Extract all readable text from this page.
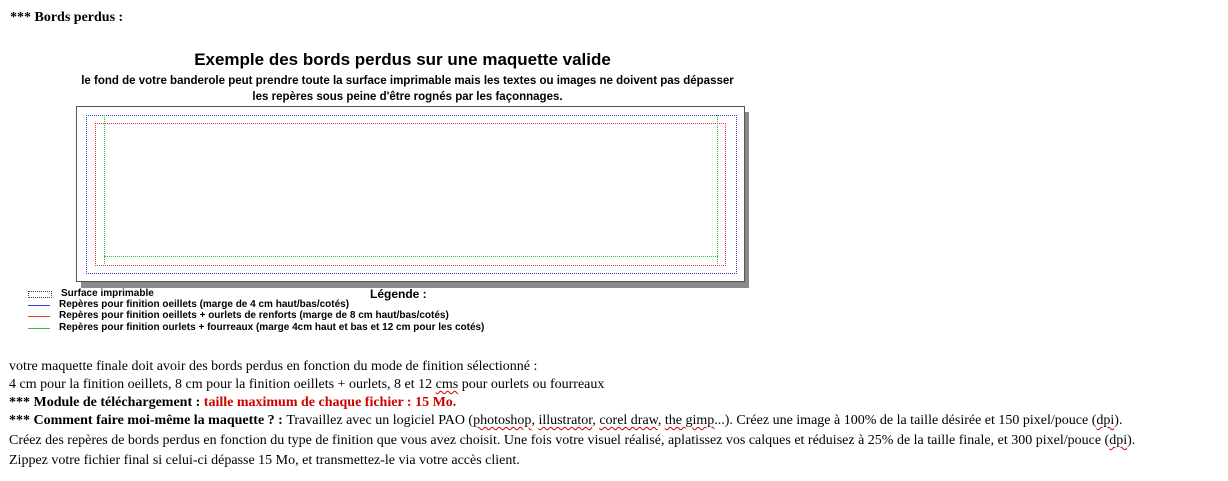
*** Bords perdus :
Exemple des bords perdus sur une maquette valide
le fond de votre banderole peut prendre toute la surface imprimable mais les textes ou images ne doivent pas dépasser
les repères sous peine d'être rognés par les façonnages.
Légende :
Surface imprimable
Repères pour finition oeillets (marge de 4 cm haut/bas/cotés)
Repères pour finition oeillets + ourlets de renforts (marge de 8 cm haut/bas/cotés)
Repères pour finition ourlets + fourreaux (marge 4cm haut et bas et 12 cm pour les cotés)
votre maquette finale doit avoir des bords perdus en fonction du mode de finition sélectionné :
4 cm pour la finition oeillets, 8 cm pour la finition oeillets + ourlets, 8 et 12 cms pour ourlets ou fourreaux
*** Module de téléchargement : taille maximum de chaque fichier : 15 Mo.
*** Comment faire moi-même la maquette ? : Travaillez avec un logiciel PAO (photoshop, illustrator, corel draw, the gimp...). Créez une image à 100% de la taille désirée et 150 pixel/pouce (dpi).
Créez des repères de bords perdus en fonction du type de finition que vous avez choisit. Une fois votre visuel réalisé, aplatissez vos calques et réduisez à 25% de la taille finale, et 300 pixel/pouce (dpi).
Zippez votre fichier final si celui-ci dépasse 15 Mo, et transmettez-le via votre accès client.
